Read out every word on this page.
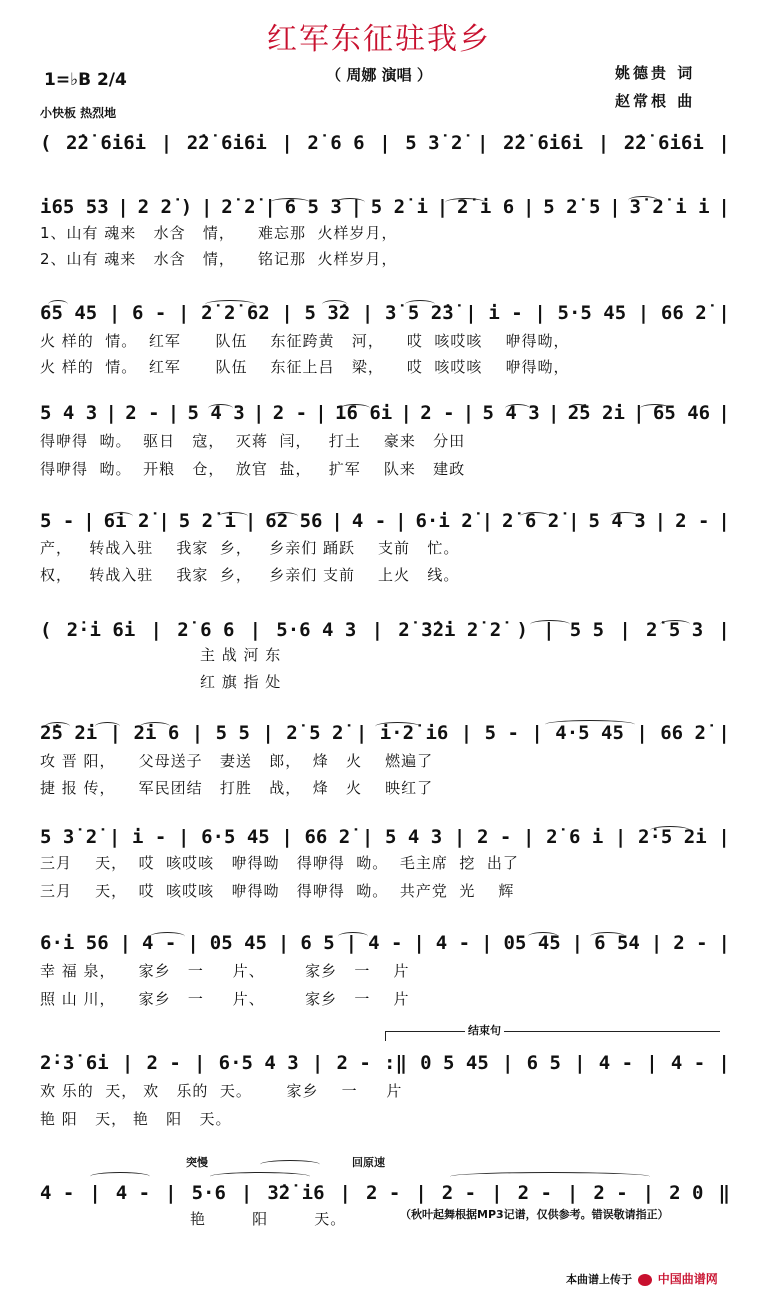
红军东征驻我乡
（ 周娜 演唱 ）
1=♭B 2/4
小快板 热烈地
姚德贵 词
赵常根 曲
( 2̇2̇ 6i6i | 2̇2̇ 6i6i | 2̇ 6 6 | 5 3̇ 2̇ | 2̇2̇ 6i6i | 2̇2̇ 6i6i |
i65 53 | 2 2̇ ) | 2̇ 2̇ | 6 5 3 | 5 2̇ i | 2̇ i 6 | 5 2̇ 5 | 3̇ 2̇ i i |
1、山有 魂来   水含   情，    难忘那  火样岁月，
2、山有 魂来   水含   情，    铭记那  火样岁月，
65 45 | 6 - | 2̇ 2̇ 62 | 5 3̇2 | 3̇ 5 2̇3̇ | i - | 5·5 45 | 66 2̇ |
火 样的  情。  红军      队伍    东征跨黄   河，    哎  咳哎咳    咿得呦，
火 样的  情。  红军      队伍    东征上吕   梁，    哎  咳哎咳    咿得呦，
5 4 3 | 2 - | 5 4 3 | 2 - | 16 6i | 2 - | 5 4 3 | 2̇5 2̇i | 65 46 |
得咿得  呦。  驱日   寇，  灭蒋  闫，   打土    豪来   分田
得咿得  呦。  开粮   仓，  放官  盐，   扩军    队来   建政
5 - | 6i 2̇ | 5 2̇ i | 62 56 | 4 - | 6·i 2̇ | 2̇ 6 2̇ | 5 4 3 | 2 - |
产，   转战入驻    我家  乡，   乡亲们 踊跃    支前   忙。
权，   转战入驻    我家  乡，   乡亲们 支前    上火   线。
( 2̇·i 6i | 2̇ 6 6 | 5·6 4 3 | 2̇ 3̇2̇i 2̇ 2̇ ) | 5 5 | 2̇ 5 3 |
主 战 河 东
红 旗 指 处
2̇5 2̇i | 2̇i 6 | 5 5 | 2̇ 5 2̇ | i·2̇ i6 | 5 - | 4·5 45 | 66 2̇ |
攻 晋 阳，    父母送子   妻送   郎，  烽   火    燃遍了
捷 报 传，    军民团结   打胜   战，  烽   火    映红了
5 3̇ 2̇ | i - | 6·5 45 | 66 2̇ | 5 4 3 | 2 - | 2̇ 6 i | 2̇·5 2̇i |
三月    天，  哎  咳哎咳   咿得呦   得咿得  呦。  毛主席  挖  出了
三月    天，  哎  咳哎咳   咿得呦   得咿得  呦。  共产党  光    辉
6·i 56 | 4 - | 05 45 | 6 5 | 4 - | 4 - | 05 45 | 6 54 | 2 - |
幸 福 泉，    家乡   一     片、       家乡   一    片
照 山 川，    家乡   一     片、       家乡   一    片
2̇·3̇ 6i | 2 - | 6·5 4 3 | 2 - :‖ 0 5 45 | 6 5 | 4 - | 4 - |
欢 乐的  天， 欢   乐的  天。      家乡    一     片
艳 阳   天， 艳   阳   天。
4 - | 4 - | 5·6 | 3̇2̇ i6 | 2 - | 2 - | 2 - | 2 - | 2 0 ‖
艳        阳        天。	（秋叶起舞根据MP3记谱，仅供参考。错误敬请指正）
结束句
突慢	回原速
本曲谱上传于 中国曲谱网
